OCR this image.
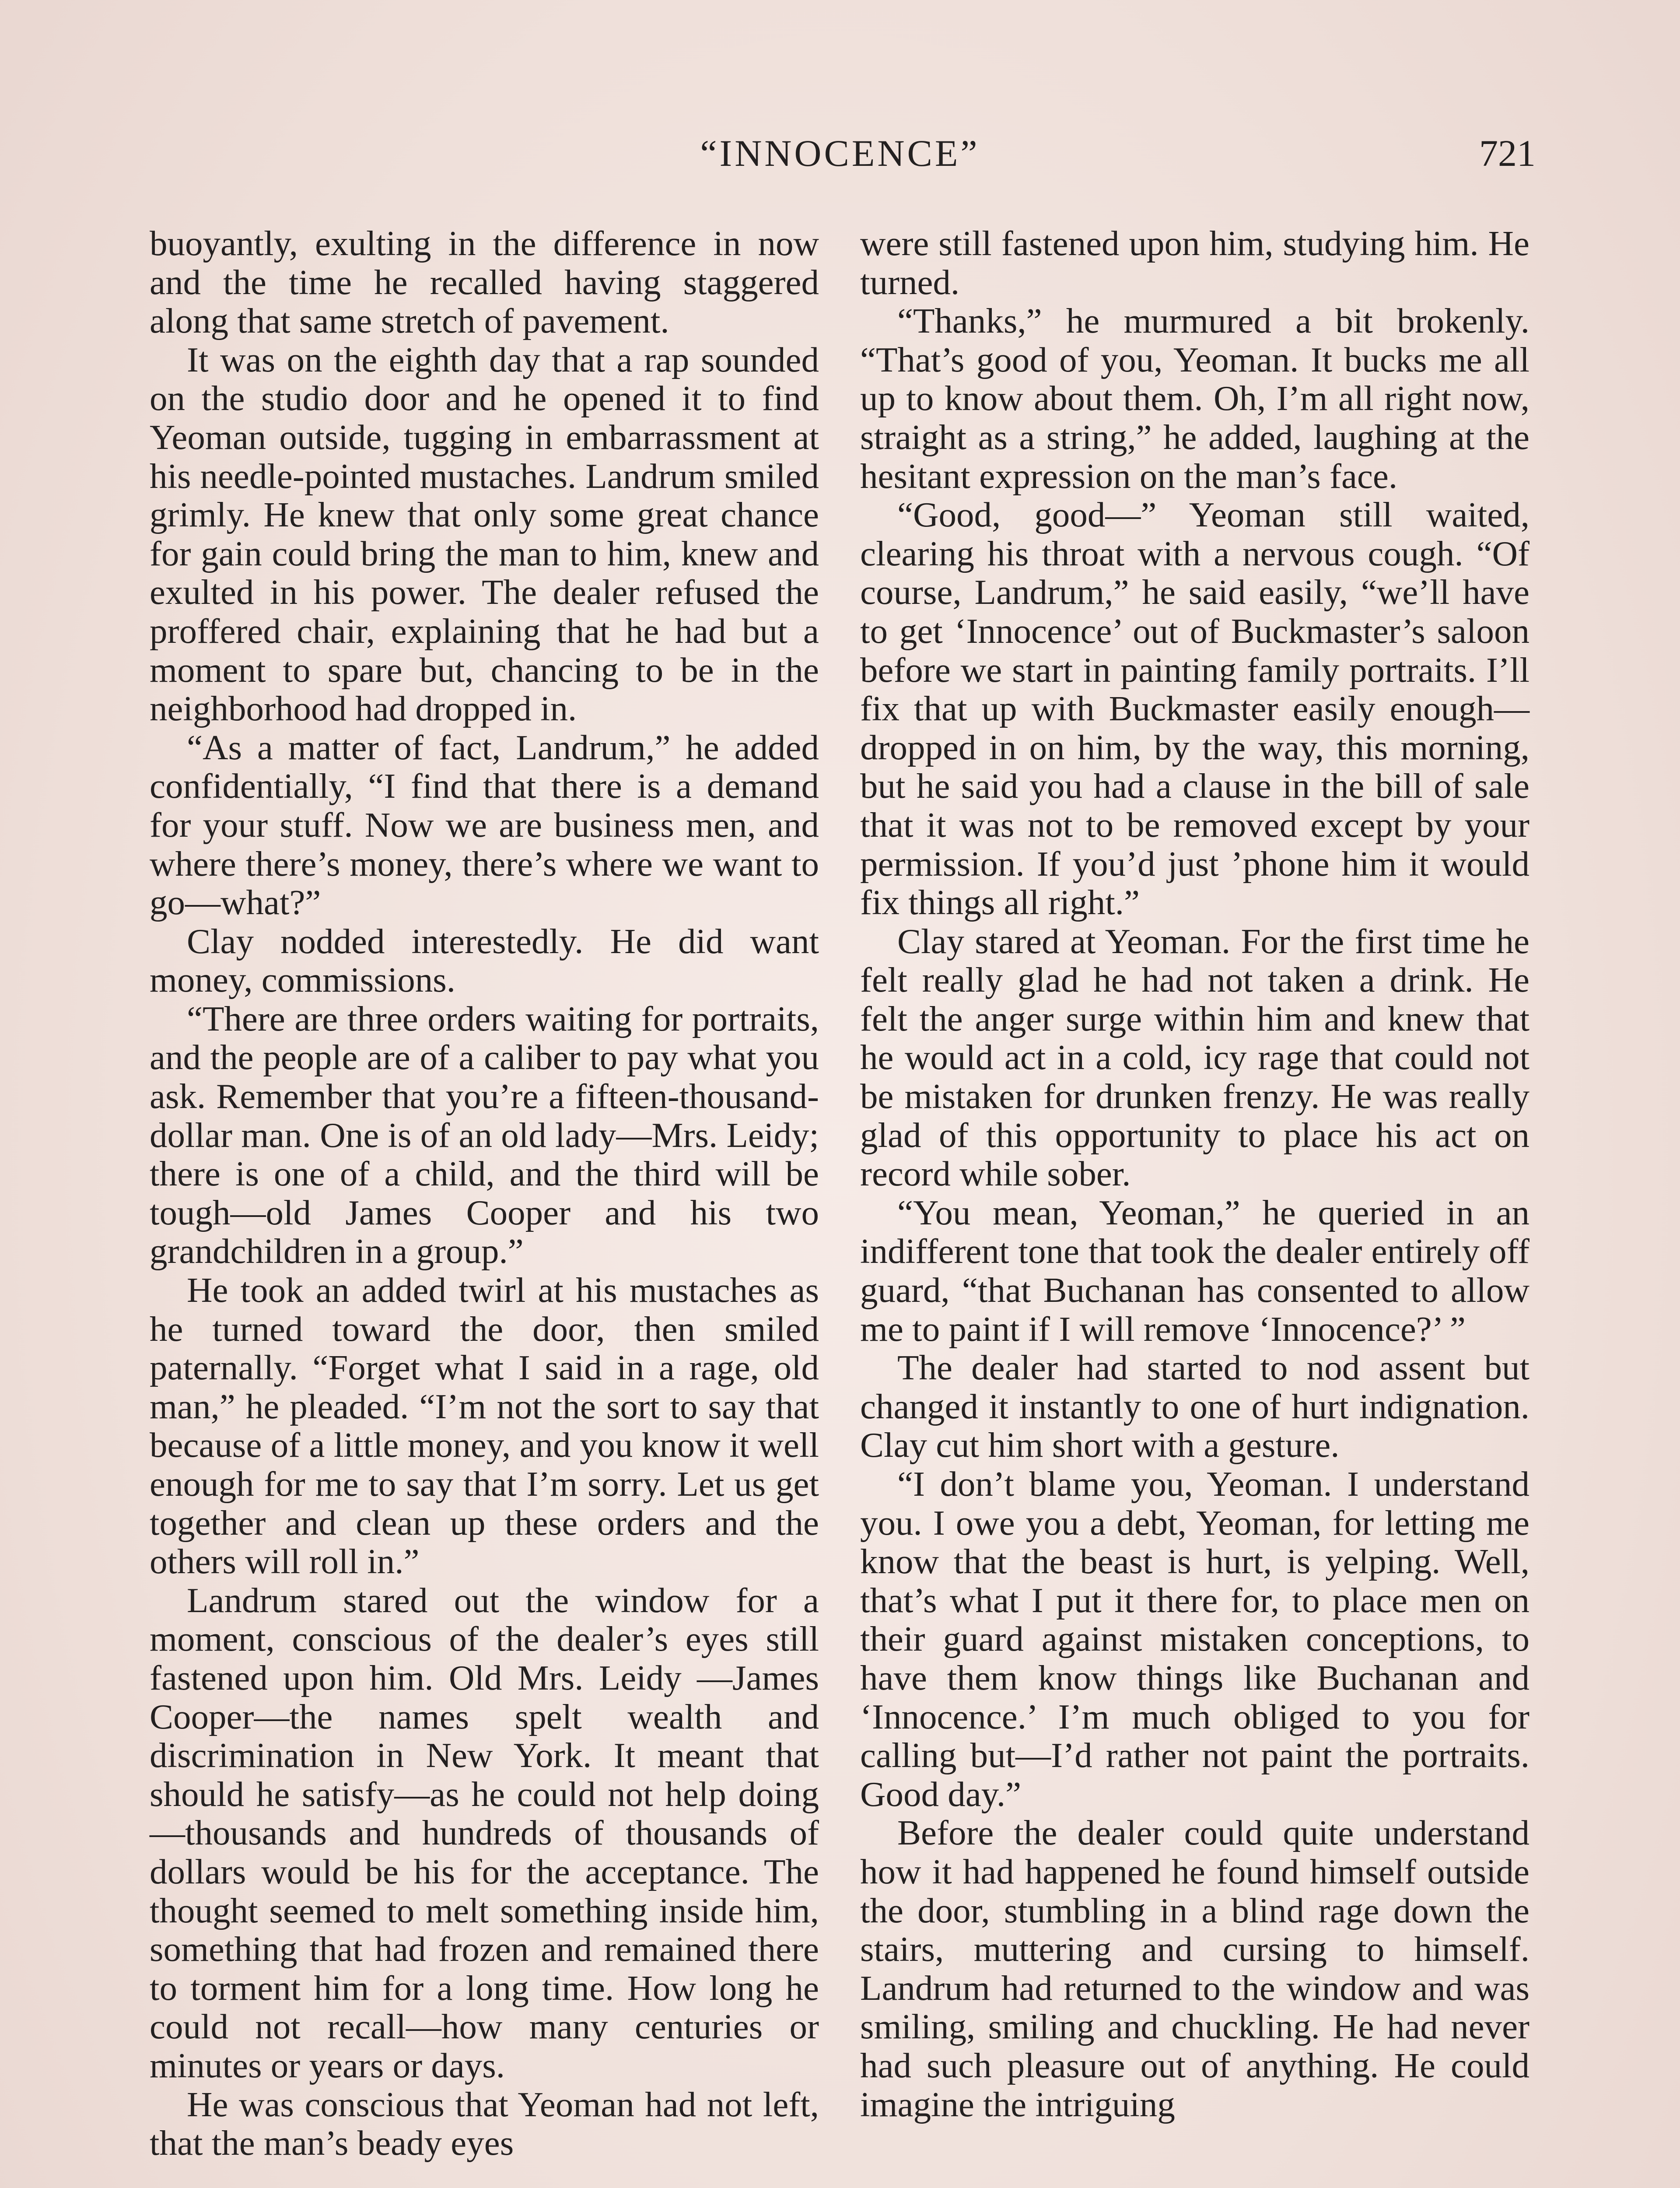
“INNOCENCE”	721

buoyantly, exulting in the difference in now and the time he recalled having staggered along that same stretch of pavement.

It was on the eighth day that a rap sounded on the studio door and he opened it to find Yeoman outside, tugging in embarrassment at his needle-pointed mustaches. Landrum smiled grimly. He knew that only some great chance for gain could bring the man to him, knew and exulted in his power. The dealer refused the proffered chair, explaining that he had but a moment to spare but, chancing to be in the neighborhood had dropped in.

“As a matter of fact, Landrum,” he added confidentially, “I find that there is a demand for your stuff. Now we are business men, and where there’s money, there’s where we want to go—what?”

Clay nodded interestedly. He did want money, commissions.

“There are three orders waiting for portraits, and the people are of a caliber to pay what you ask. Remember that you’re a fifteen-thousand-dollar man. One is of an old lady—Mrs. Leidy; there is one of a child, and the third will be tough—old James Cooper and his two grandchildren in a group.”

He took an added twirl at his mustaches as he turned toward the door, then smiled paternally. “Forget what I said in a rage, old man,” he pleaded. “I’m not the sort to say that because of a little money, and you know it well enough for me to say that I’m sorry. Let us get together and clean up these orders and the others will roll in.”

Landrum stared out the window for a moment, conscious of the dealer’s eyes still fastened upon him. Old Mrs. Leidy —James Cooper—the names spelt wealth and discrimination in New York. It meant that should he satisfy—as he could not help doing—thousands and hundreds of thousands of dollars would be his for the acceptance. The thought seemed to melt something inside him, something that had frozen and remained there to torment him for a long time. How long he could not recall—how many centuries or minutes or years or days.

He was conscious that Yeoman had not left, that the man’s beady eyes

were still fastened upon him, studying him. He turned.

“Thanks,” he murmured a bit brokenly. “That’s good of you, Yeoman. It bucks me all up to know about them. Oh, I’m all right now, straight as a string,” he added, laughing at the hesitant expression on the man’s face.

“Good, good—” Yeoman still waited, clearing his throat with a nervous cough. “Of course, Landrum,” he said easily, “we’ll have to get ‘Innocence’ out of Buckmaster’s saloon before we start in painting family portraits. I’ll fix that up with Buckmaster easily enough—dropped in on him, by the way, this morning, but he said you had a clause in the bill of sale that it was not to be removed except by your permission. If you’d just ’phone him it would fix things all right.”

Clay stared at Yeoman. For the first time he felt really glad he had not taken a drink. He felt the anger surge within him and knew that he would act in a cold, icy rage that could not be mistaken for drunken frenzy. He was really glad of this opportunity to place his act on record while sober.

“You mean, Yeoman,” he queried in an indifferent tone that took the dealer entirely off guard, “that Buchanan has consented to allow me to paint if I will remove ‘Innocence?’ ”

The dealer had started to nod assent but changed it instantly to one of hurt indignation. Clay cut him short with a gesture.

“I don’t blame you, Yeoman. I understand you. I owe you a debt, Yeoman, for letting me know that the beast is hurt, is yelping. Well, that’s what I put it there for, to place men on their guard against mistaken conceptions, to have them know things like Buchanan and ‘Innocence.’ I’m much obliged to you for calling but—I’d rather not paint the portraits. Good day.”

Before the dealer could quite understand how it had happened he found himself outside the door, stumbling in a blind rage down the stairs, muttering and cursing to himself. Landrum had returned to the window and was smiling, smiling and chuckling. He had never had such pleasure out of anything. He could imagine the intriguing
